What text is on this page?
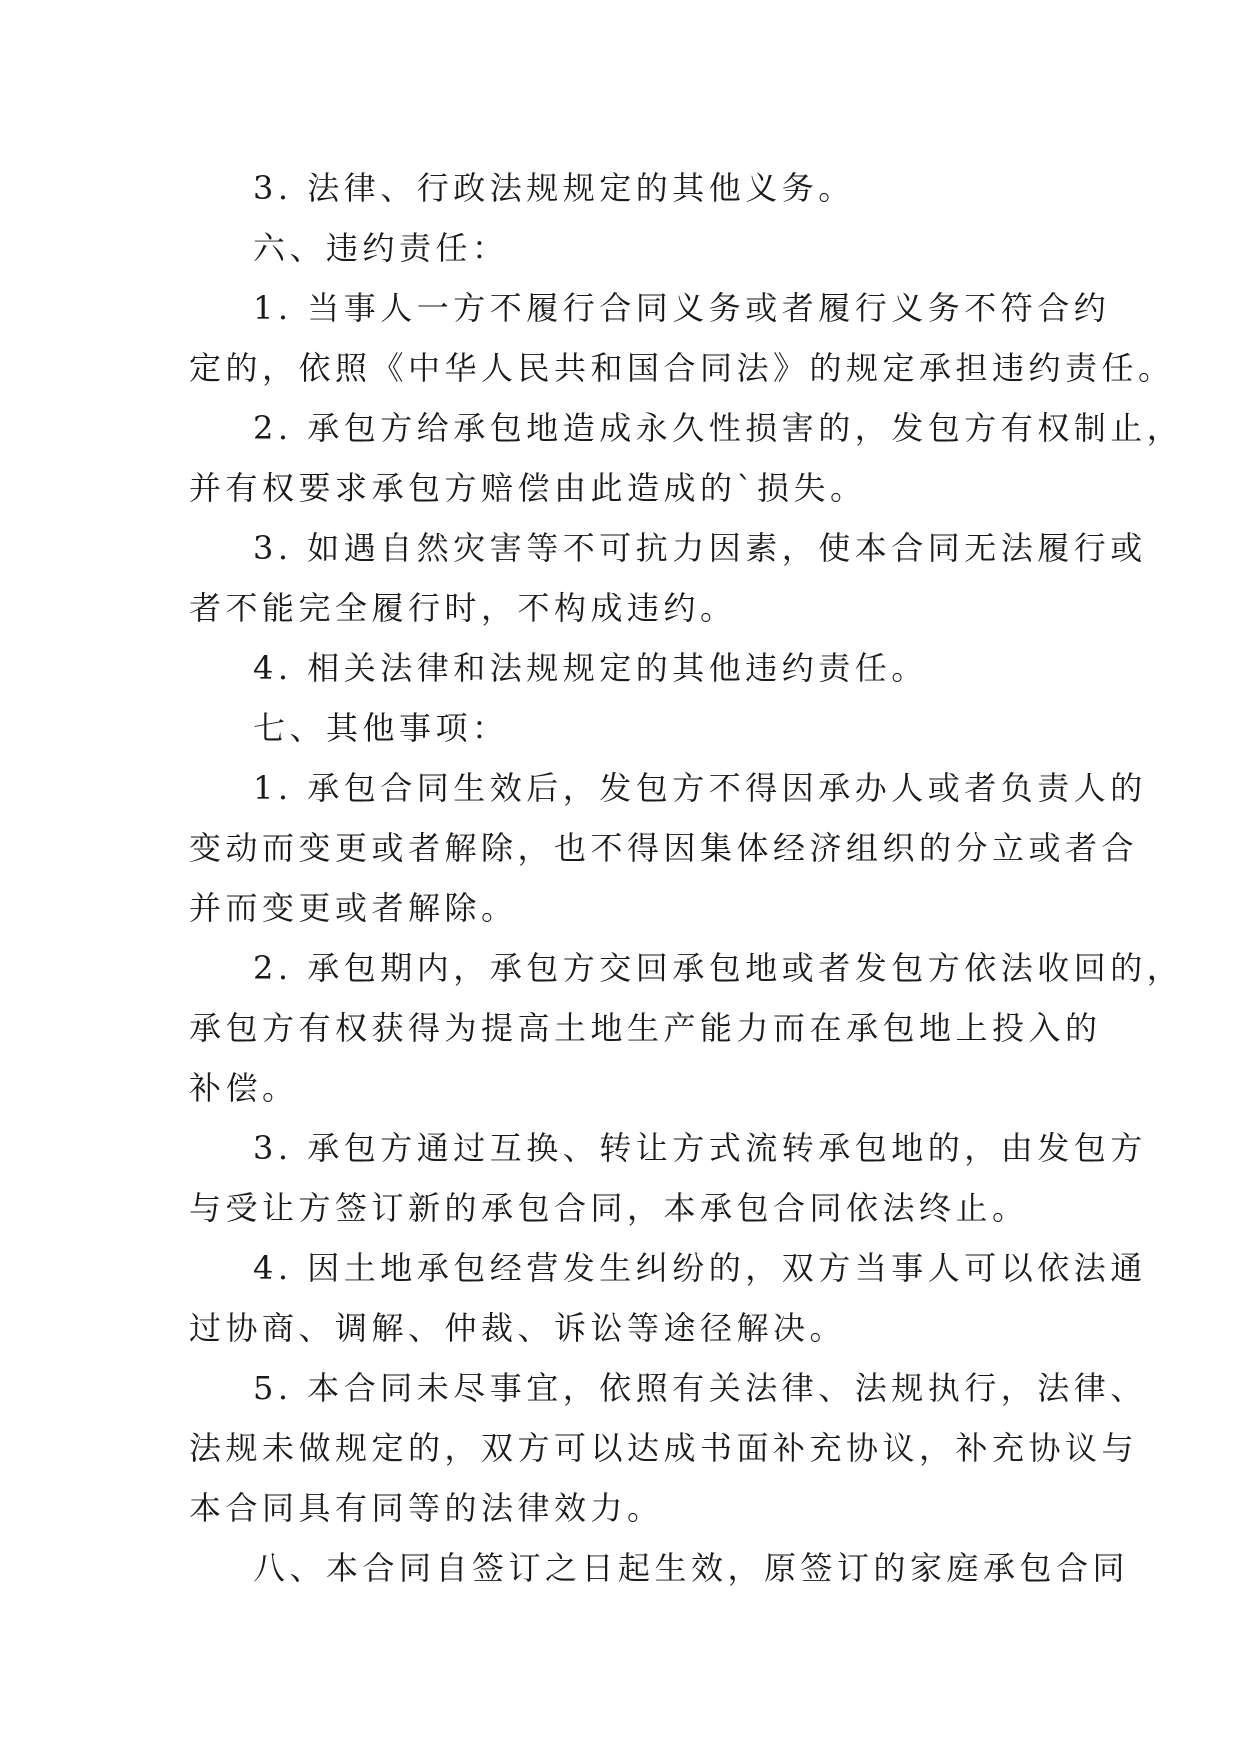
3. 法律、行政法规规定的其他义务。
六、违约责任：
1. 当事人一方不履行合同义务或者履行义务不符合约
定的，依照《中华人民共和国合同法》的规定承担违约责任。
2. 承包方给承包地造成永久性损害的，发包方有权制止，
并有权要求承包方赔偿由此造成的`损失。
3. 如遇自然灾害等不可抗力因素，使本合同无法履行或
者不能完全履行时，不构成违约。
4. 相关法律和法规规定的其他违约责任。
七、其他事项：
1. 承包合同生效后，发包方不得因承办人或者负责人的
变动而变更或者解除，也不得因集体经济组织的分立或者合
并而变更或者解除。
2. 承包期内，承包方交回承包地或者发包方依法收回的，
承包方有权获得为提高土地生产能力而在承包地上投入的
补偿。
3. 承包方通过互换、转让方式流转承包地的，由发包方
与受让方签订新的承包合同，本承包合同依法终止。
4. 因土地承包经营发生纠纷的，双方当事人可以依法通
过协商、调解、仲裁、诉讼等途径解决。
5. 本合同未尽事宜，依照有关法律、法规执行，法律、
法规未做规定的，双方可以达成书面补充协议，补充协议与
本合同具有同等的法律效力。
八、本合同自签订之日起生效，原签订的家庭承包合同
